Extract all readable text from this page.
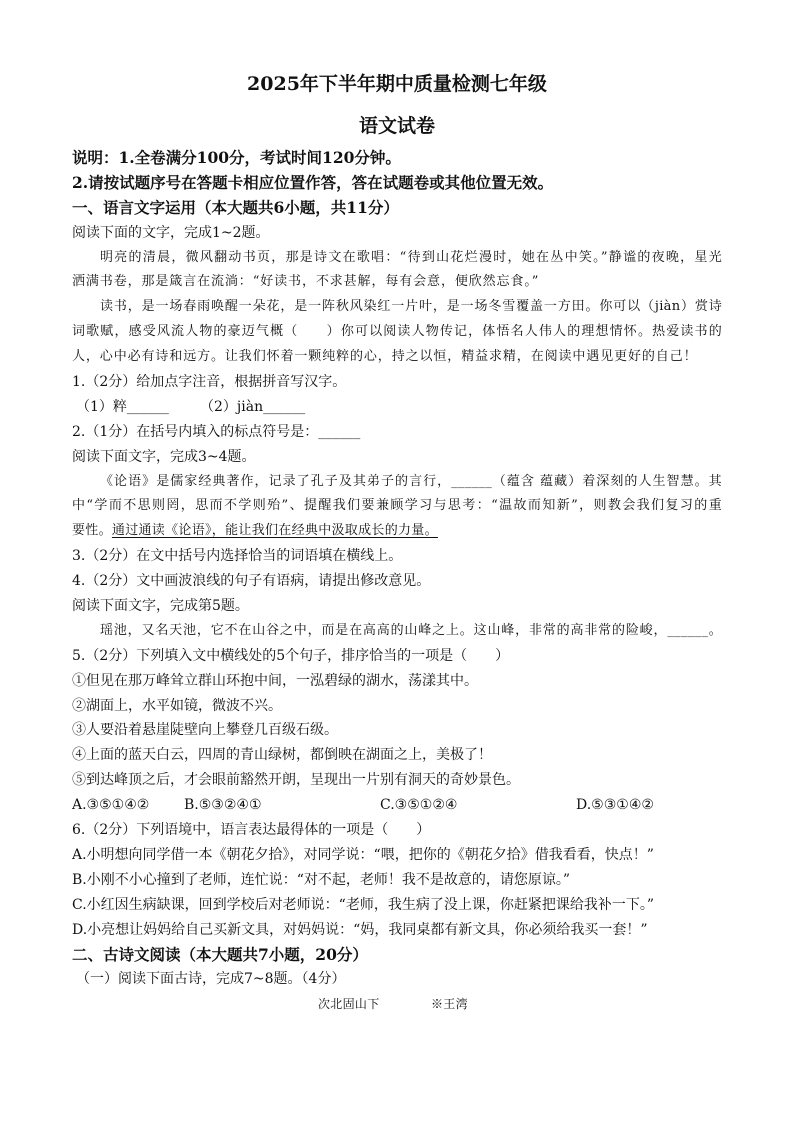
2025年下半年期中质量检测七年级
语文试卷
说明：1.全卷满分100分，考试时间120分钟。
2.请按试题序号在答题卡相应位置作答，答在试题卷或其他位置无效。
一、语言文字运用（本大题共6小题，共11分）
阅读下面的文字，完成1~2题。
明亮的清晨，微风翻动书页，那是诗文在歌唱：“待到山花烂漫时，她在丛中笑。”静谧的夜晚，星光
洒满书卷，那是箴言在流淌：“好读书，不求甚解，每有会意，便欣然忘食。”
读书，是一场春雨唤醒一朵花，是一阵秋风染红一片叶，是一场冬雪覆盖一方田。你可以（jiàn）赏诗
词歌赋，感受风流人物的豪迈气概（　　）你可以阅读人物传记，体悟名人伟人的理想情怀。热爱读书的
人，心中必有诗和远方。让我们怀着一颗纯粹的心，持之以恒，精益求精，在阅读中遇见更好的自己！
1.（2分）给加点字注音，根据拼音写汉字。
（1）粹______ （2）jiàn______
2.（1分）在括号内填入的标点符号是：______
阅读下面文字，完成3~4题。
《论语》是儒家经典著作，记录了孔子及其弟子的言行，______（蕴含 蕴藏）着深刻的人生智慧。其
中“学而不思则罔，思而不学则殆”、提醒我们要兼顾学习与思考：“温故而知新”，则教会我们复习的重
要性。通过通读《论语》，能让我们在经典中汲取成长的力量。
3.（2分）在文中括号内选择恰当的词语填在横线上。
4.（2分）文中画波浪线的句子有语病，请提出修改意见。
阅读下面文字，完成第5题。
瑶池，又名天池，它不在山谷之中，而是在高高的山峰之上。这山峰，非常的高非常的险峻，______。
5.（2分）下列填入文中横线处的5个句子，排序恰当的一项是（　　）
①但见在那万峰耸立群山环抱中间，一泓碧绿的湖水，荡漾其中。
②湖面上，水平如镜，微波不兴。
③人要沿着悬崖陡壁向上攀登几百级石级。
④上面的蓝天白云，四周的青山绿树，都倒映在湖面之上，美极了！
⑤到达峰顶之后，才会眼前豁然开朗，呈现出一片别有洞天的奇妙景色。
A.③⑤①④② B.⑤③②④①	C.③⑤①②④	D.⑤③①④②
6.（2分）下列语境中，语言表达最得体的一项是（　　）
A.小明想向同学借一本《朝花夕拾》，对同学说：“喂，把你的《朝花夕拾》借我看看，快点！”
B.小刚不小心撞到了老师，连忙说：“对不起，老师！我不是故意的，请您原谅。”
C.小红因生病缺课，回到学校后对老师说：“老师，我生病了没上课，你赶紧把课给我补一下。”
D.小亮想让妈妈给自己买新文具，对妈妈说：“妈，我同桌都有新文具，你必须给我买一套！”
二、古诗文阅读（本大题共7小题，20分）
（一）阅读下面古诗，完成7~8题。（4分）
次北固山下	※王湾
